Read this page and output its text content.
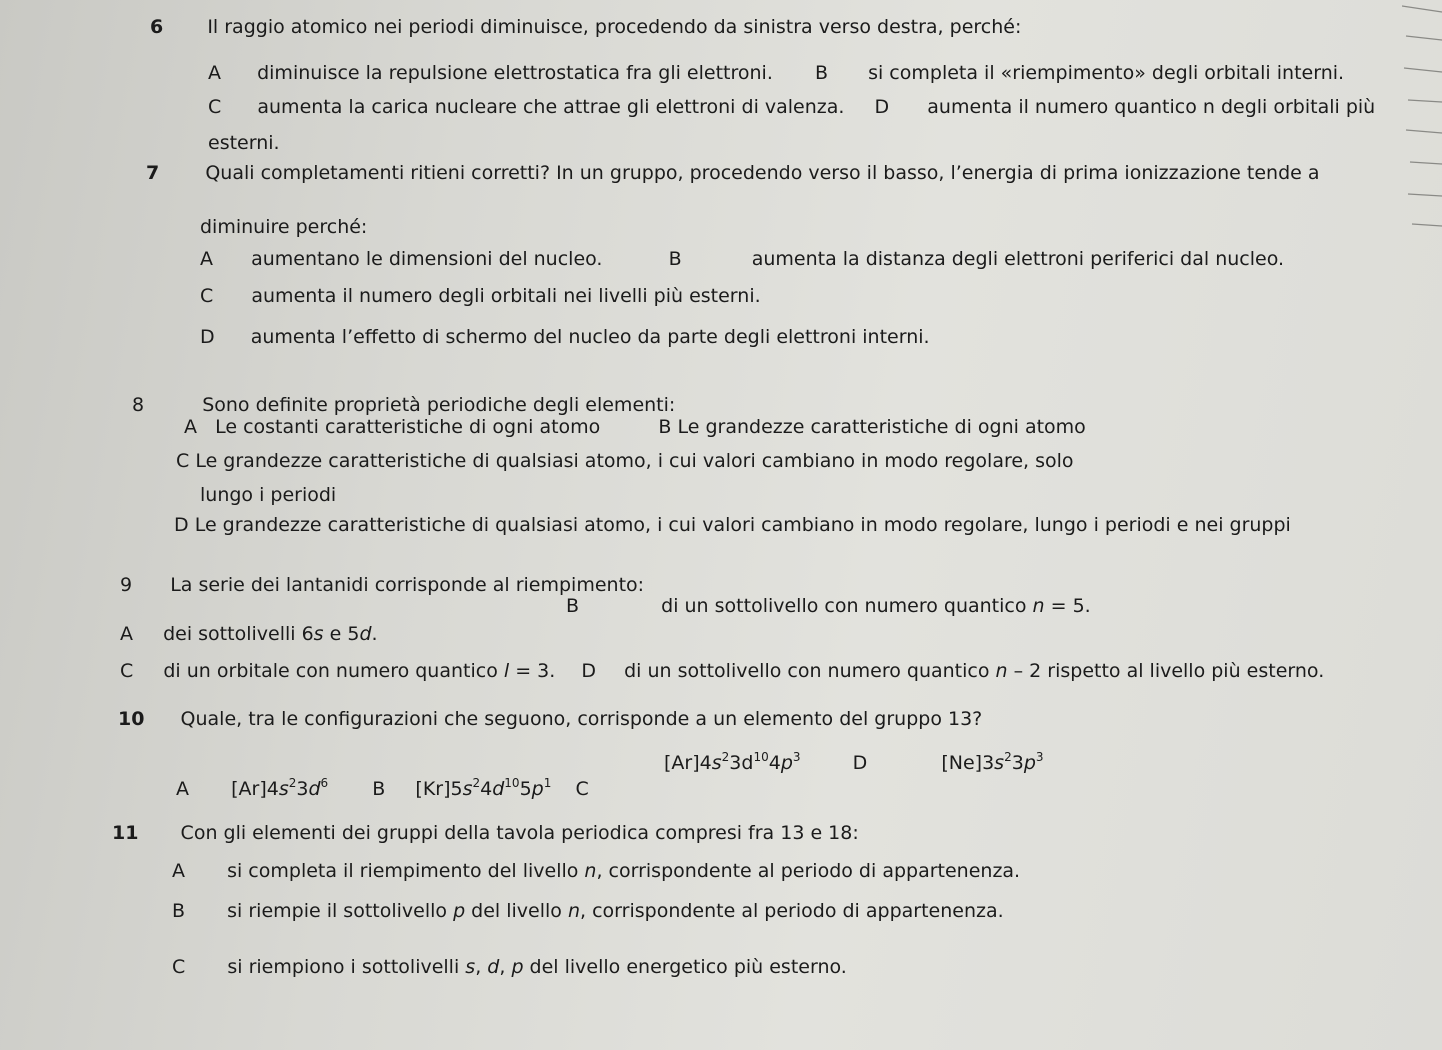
6 Il raggio atomico nei periodi diminuisce, procedendo da sinistra verso destra, perché:
A diminuisce la repulsione elettrostatica fra gli elettroni. B si completa il «riempimento» degli orbitali interni.
C aumenta la carica nucleare che attrae gli elettroni di valenza. D aumenta il numero quantico n degli orbitali più
esterni.
7 Quali completamenti ritieni corretti? In un gruppo, procedendo verso il basso, l’energia di prima ionizzazione tende a
diminuire perché:
A aumentano le dimensioni del nucleo.	B	aumenta la distanza degli elettroni periferici dal nucleo.
C aumenta il numero degli orbitali nei livelli più esterni.
D aumenta l’effetto di schermo del nucleo da parte degli elettroni interni.
8	Sono definite proprietà periodiche degli elementi:
A Le costanti caratteristiche di ogni atomo	B Le grandezze caratteristiche di ogni atomo
C Le grandezze caratteristiche di qualsiasi atomo, i cui valori cambiano in modo regolare, solo
lungo i periodi
D Le grandezze caratteristiche di qualsiasi atomo, i cui valori cambiano in modo regolare, lungo i periodi e nei gruppi
9 La serie dei lantanidi corrisponde al riempimento:
A dei sottolivelli 6s e 5d.
B	di un sottolivello con numero quantico n = 5.
C di un orbitale con numero quantico l = 3. D di un sottolivello con numero quantico n – 2 rispetto al livello più esterno.
10 Quale, tra le configurazioni che seguono, corrisponde a un elemento del gruppo 13?
A $[Ar]4s^23d^6$ B $[Kr]5s^24d^{10}5p^1$ C
$[Ar]4s^23d^{10}4p^3$	D	$[Ne]3s^23p^3$
11 Con gli elementi dei gruppi della tavola periodica compresi fra 13 e 18:
A si completa il riempimento del livello n, corrispondente al periodo di appartenenza.
B si riempie il sottolivello p del livello n, corrispondente al periodo di appartenenza.
C si riempiono i sottolivelli s, d, p del livello energetico più esterno.
